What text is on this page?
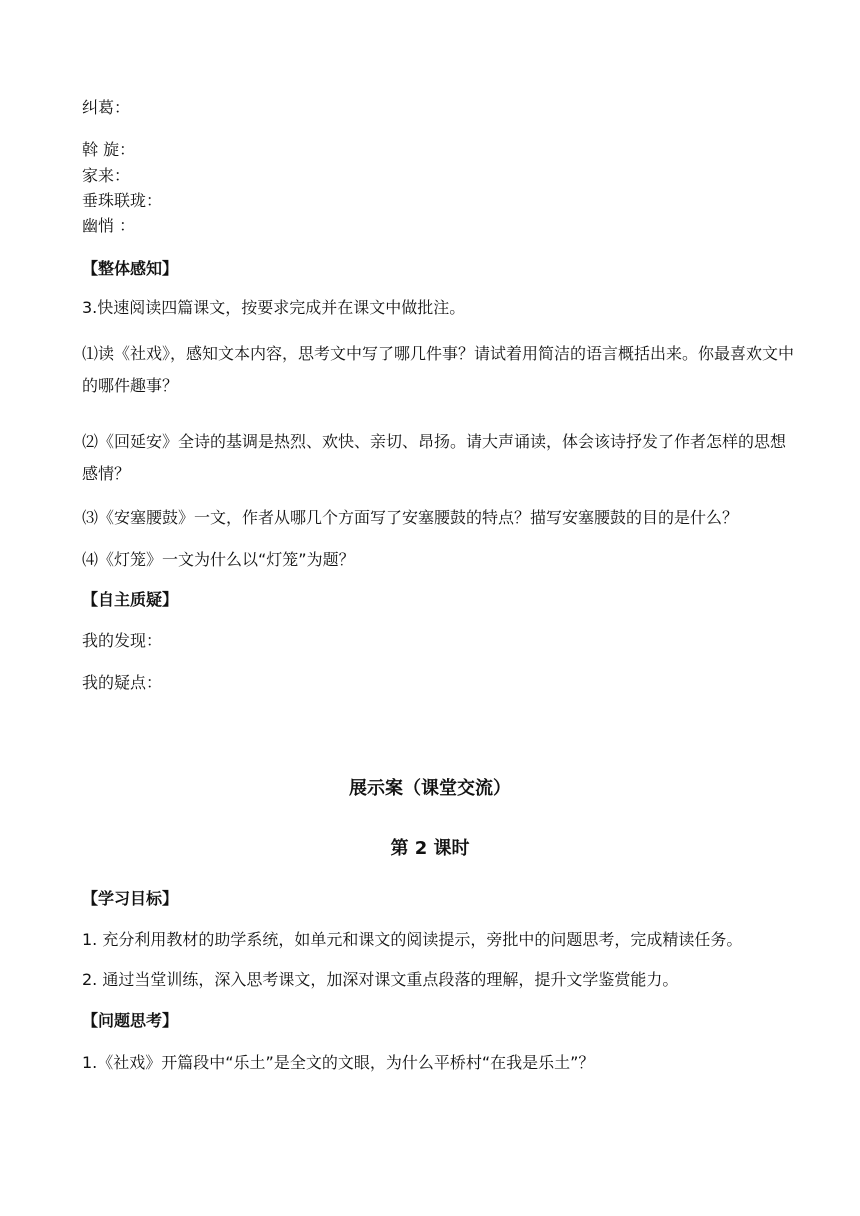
纠葛：
斡 旋：
家来：
垂珠联珑：
幽悄 ：
【整体感知】
3.快速阅读四篇课文，按要求完成并在课文中做批注。
⑴读《社戏》，感知文本内容，思考文中写了哪几件事？请试着用简洁的语言概括出来。你最喜欢文中的哪件趣事？
⑵《回延安》全诗的基调是热烈、欢快、亲切、昂扬。请大声诵读，体会该诗抒发了作者怎样的思想感情？
⑶《安塞腰鼓》一文，作者从哪几个方面写了安塞腰鼓的特点？描写安塞腰鼓的目的是什么？
⑷《灯笼》一文为什么以“灯笼”为题？
【自主质疑】
我的发现：
我的疑点：
展示案（课堂交流）
第 2 课时
【学习目标】
1. 充分利用教材的助学系统，如单元和课文的阅读提示，旁批中的问题思考，完成精读任务。
2. 通过当堂训练，深入思考课文，加深对课文重点段落的理解，提升文学鉴赏能力。
【问题思考】
1.《社戏》开篇段中“乐土”是全文的文眼，为什么平桥村“在我是乐土”？
